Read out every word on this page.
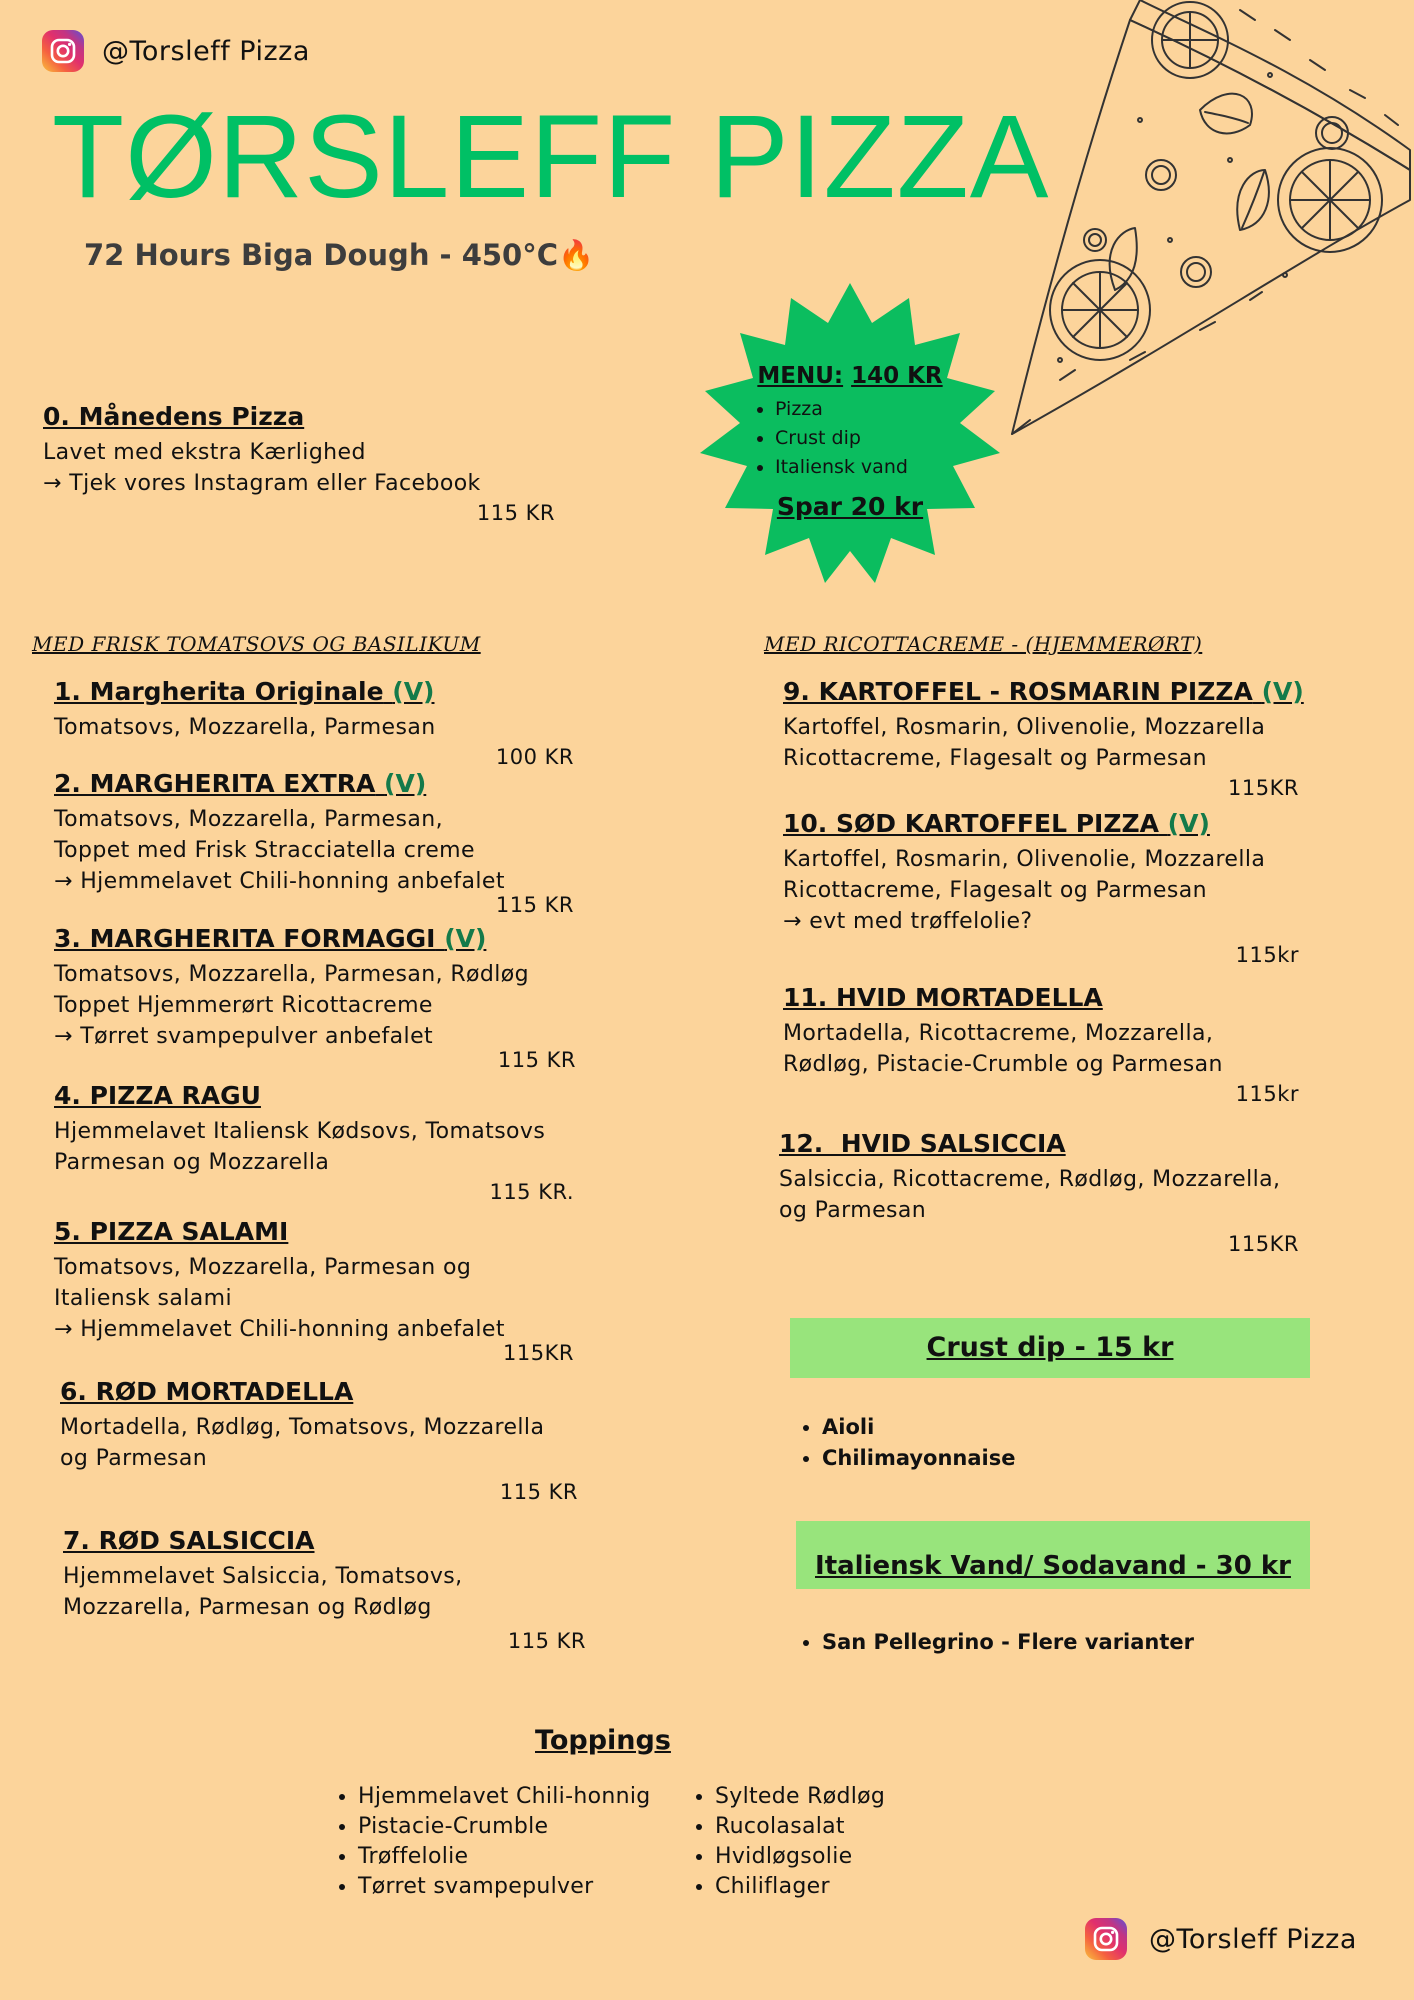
@Torsleff Pizza
TØRSLEFF PIZZA
72 Hours Biga Dough - 450°C🔥
MENU: 140 KR
• Pizza
• Crust dip
• Italiensk vand
Spar 20 kr
0. Månedens Pizza
Lavet med ekstra Kærlighed
→ Tjek vores Instagram eller Facebook
115 KR
MED FRISK TOMATSOVS OG BASILIKUM	MED RICOTTACREME - (HJEMMERØRT)
1. Margherita Originale (V)
Tomatsovs, Mozzarella, Parmesan
100 KR
2. MARGHERITA EXTRA (V)
Tomatsovs, Mozzarella, Parmesan,
Toppet med Frisk Stracciatella creme
→ Hjemmelavet Chili-honning anbefalet
115 KR
3. MARGHERITA FORMAGGI (V)
Tomatsovs, Mozzarella, Parmesan, Rødløg
Toppet Hjemmerørt Ricottacreme
→ Tørret svampepulver anbefalet
115 KR
4. PIZZA RAGU
Hjemmelavet Italiensk Kødsovs, Tomatsovs
Parmesan og Mozzarella
115 KR.
5. PIZZA SALAMI
Tomatsovs, Mozzarella, Parmesan og
Italiensk salami
→ Hjemmelavet Chili-honning anbefalet
115KR
6. RØD MORTADELLA
Mortadella, Rødløg, Tomatsovs, Mozzarella
og Parmesan
115 KR
7. RØD SALSICCIA
Hjemmelavet Salsiccia, Tomatsovs,
Mozzarella, Parmesan og Rødløg
115 KR
9. KARTOFFEL - ROSMARIN PIZZA (V)
Kartoffel, Rosmarin, Olivenolie, Mozzarella
Ricottacreme, Flagesalt og Parmesan
115KR
10. SØD KARTOFFEL PIZZA (V)
Kartoffel, Rosmarin, Olivenolie, Mozzarella
Ricottacreme, Flagesalt og Parmesan
→ evt med trøffelolie?
115kr
11. HVID MORTADELLA
Mortadella, Ricottacreme, Mozzarella,
Rødløg, Pistacie-Crumble og Parmesan
115kr
12.  HVID SALSICCIA
Salsiccia, Ricottacreme, Rødløg, Mozzarella,
og Parmesan
115KR
Crust dip - 15 kr
• Aioli
• Chilimayonnaise
Italiensk Vand/ Sodavand - 30 kr
• San Pellegrino - Flere varianter
Toppings
• Hjemmelavet Chili-honnig
• Pistacie-Crumble
• Trøffelolie
• Tørret svampepulver
• Syltede Rødløg
• Rucolasalat
• Hvidløgsolie
• Chiliflager
@Torsleff Pizza
